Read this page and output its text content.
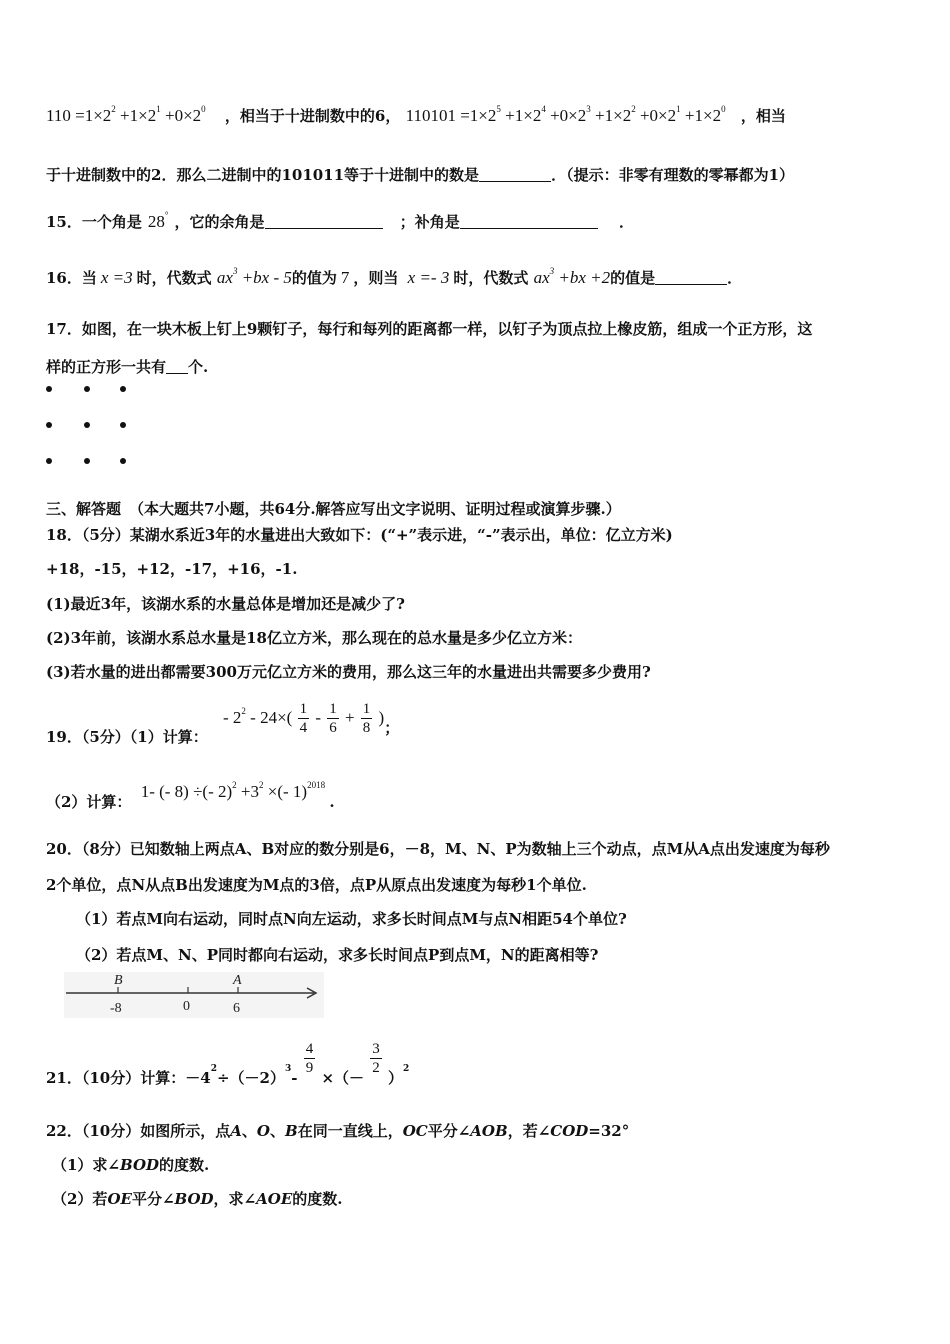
$110 =1\times 2^2 +1\times 2^1 +0\times 2^0$ ，相当于十进制数中的6， $110101 =1\times 2^5 +1\times 2^4 +0\times 2^3 +1\times 2^2 +0\times 2^1 +1\times 2^0$ ，相当
于十进制数中的2．那么二进制中的101011等于十进制中的数是	．（提示：非零有理数的零幂都为1）
15．一个角是 28° ，它的余角是	；补角是	．
16．当 x =3 时，代数式 $ax^3 +bx - 5$的值为 7 ，则当 x =- 3 时，代数式 $ax^3 +bx +2$的值是	．
17．如图，在一块木板上钉上9颗钉子，每行和每列的距离都一样，以钉子为顶点拉上橡皮筋，组成一个正方形，这
样的正方形一共有 个.
三、解答题 （本大题共7小题，共64分.解答应写出文字说明、证明过程或演算步骤.）
18．（5分）某湖水系近3年的水量进出大致如下：(“+”表示进，“-”表示出，单位：亿立方米)
+18，-15，+12，-17，+16，-1.
(1)最近3年，该湖水系的水量总体是增加还是减少了?
(2)3年前，该湖水系总水量是18亿立方米，那么现在的总水量是多少亿立方米：
(3)若水量的进出都需要300万元亿立方米的费用，那么这三年的水量进出共需要多少费用?
19．（5分）（1）计算： - $2^2 - 24\times( \frac{1}{4} - \frac{1}{6} + \frac{1}{8}$ )；
（2）计算： 1- (- 8) ÷(- $2)^2 +3^2$ ×(- 1)$^{2018}$ .
20．（8分）已知数轴上两点A、B对应的数分别是6，－8，M、N、P为数轴上三个动点，点M从A点出发速度为每秒
2个单位，点N从点B出发速度为M点的3倍，点P从原点出发速度为每秒1个单位.
（1）若点M向右运动，同时点N向左运动，求多长时间点M与点N相距54个单位?
（2）若点M、N、P同时都向右运动，求多长时间点P到点M，N的距离相等?
B	A
-8	0	6
21．（10分）计算：$-4^2\div(-2)^3-$
$\frac{4}{9}$
×（－
$\frac{3}{2}$
）$^2$
22．（10分）如图所示，点A、O、B在同一直线上，OC平分∠AOB，若∠COD=32°
（1）求∠BOD的度数.
（2）若OE平分∠BOD，求∠AOE的度数.
